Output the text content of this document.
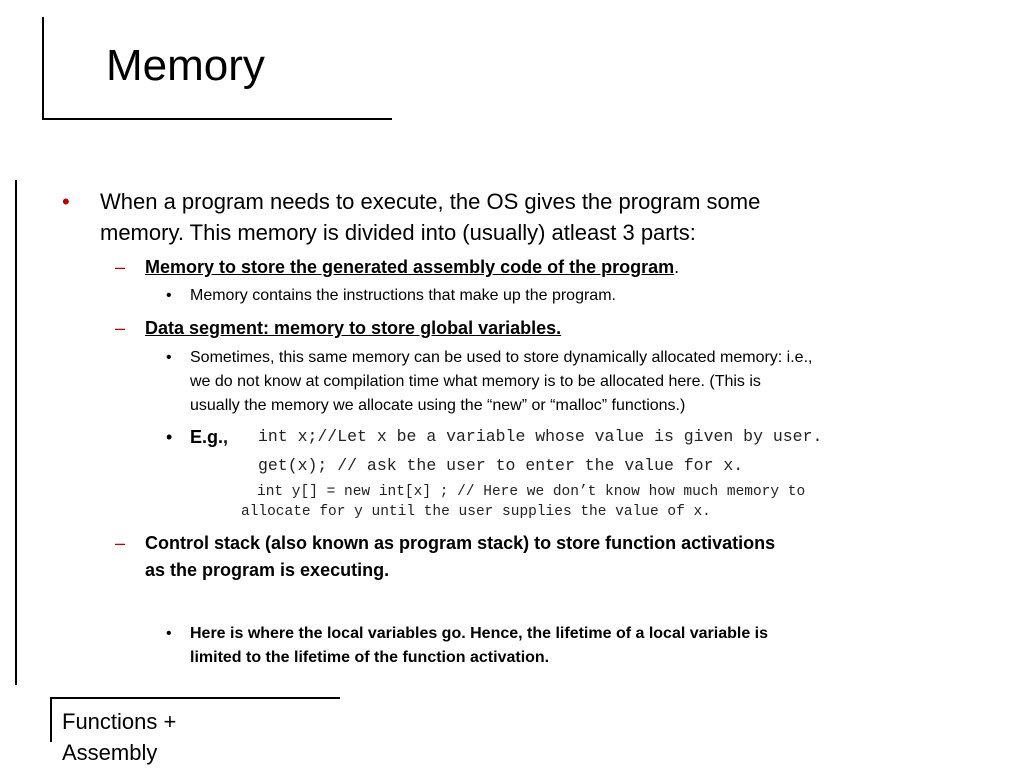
Memory
• When a program needs to execute, the OS gives the program some
memory. This memory is divided into (usually) atleast 3 parts:
– Memory to store the generated assembly code of the program.
• Memory contains the instructions that make up the program.
– Data segment: memory to store global variables.
• Sometimes, this same memory can be used to store dynamically allocated memory: i.e.,
we do not know at compilation time what memory is to be allocated here. (This is
usually the memory we allocate using the “new” or “malloc” functions.)
• E.g., int x;//Let x be a variable whose value is given by user.
get(x); // ask the user to enter the value for x.
int y[] = new int[x] ; // Here we don’t know how much memory to
allocate for y until the user supplies the value of x.
– Control stack (also known as program stack) to store function activations
as the program is executing.
• Here is where the local variables go. Hence, the lifetime of a local variable is
limited to the lifetime of the function activation.
Functions +
Assembly
